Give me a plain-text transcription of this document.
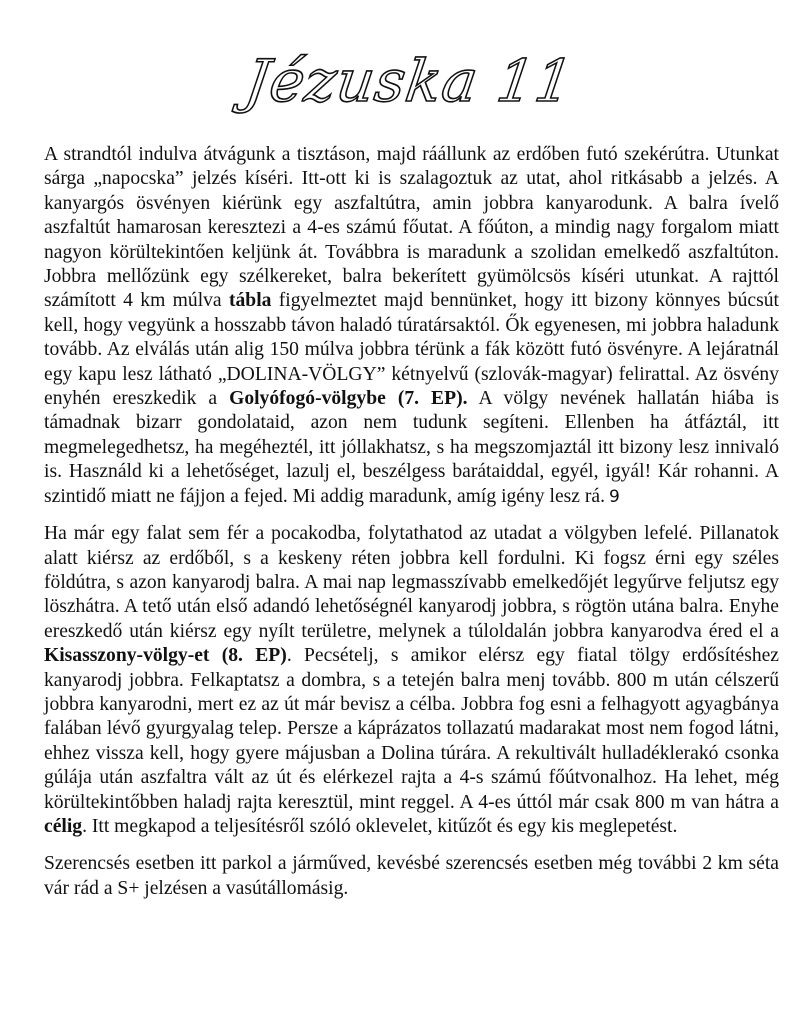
Jézuska 11

A strandtól indulva átvágunk a tisztáson, majd ráállunk az erdőben futó szekérútra. Utunkat sárga „napocska” jelzés kíséri. Itt-ott ki is szalagoztuk az utat, ahol ritkásabb a jelzés. A kanyargós ösvényen kiérünk egy aszfaltútra, amin jobbra kanyarodunk. A balra ívelő aszfaltút hamarosan keresztezi a 4-es számú főutat. A főúton, a mindig nagy forgalom miatt nagyon körültekintően keljünk át. Továbbra is maradunk a szolidan emelkedő aszfaltúton. Jobbra mellőzünk egy szélkereket, balra bekerített gyümölcsös kíséri utunkat. A rajttól számított 4 km múlva tábla figyelmeztet majd bennünket, hogy itt bizony könnyes búcsút kell, hogy vegyünk a hosszabb távon haladó túratársaktól. Ők egyenesen, mi jobbra haladunk tovább. Az elválás után alig 150 múlva jobbra térünk a fák között futó ösvényre. A lejáratnál egy kapu lesz látható „DOLINA-VÖLGY” kétnyelvű (szlovák-magyar) felirattal. Az ösvény enyhén ereszkedik a Golyófogó-völgybe (7. EP). A völgy nevének hallatán hiába is támadnak bizarr gondolataid, azon nem tudunk segíteni. Ellenben ha átfáztál, itt megmelegedhetsz, ha megéheztél, itt jóllakhatsz, s ha megszomjaztál itt bizony lesz innivaló is. Használd ki a lehetőséget, lazulj el, beszélgess barátaiddal, egyél, igyál! Kár rohanni. A szintidő miatt ne fájjon a fejed. Mi addig maradunk, amíg igény lesz rá. 9

Ha már egy falat sem fér a pocakodba, folytathatod az utadat a völgyben lefelé. Pillanatok alatt kiérsz az erdőből, s a keskeny réten jobbra kell fordulni. Ki fogsz érni egy széles földútra, s azon kanyarodj balra. A mai nap legmasszívabb emelkedőjét legyűrve feljutsz egy löszhátra. A tető után első adandó lehetőségnél kanyarodj jobbra, s rögtön utána balra. Enyhe ereszkedő után kiérsz egy nyílt területre, melynek a túloldalán jobbra kanyarodva éred el a Kisasszony-völgy-et (8. EP). Pecsételj, s amikor elérsz egy fiatal tölgy erdősítéshez kanyarodj jobbra. Felkaptatsz a dombra, s a tetején balra menj tovább. 800 m után célszerű jobbra kanyarodni, mert ez az út már bevisz a célba. Jobbra fog esni a felhagyott agyagbánya falában lévő gyurgyalag telep. Persze a káprázatos tollazatú madarakat most nem fogod látni, ehhez vissza kell, hogy gyere májusban a Dolina túrára. A rekultivált hulladéklerakó csonka gúlája után aszfaltra vált az út és elérkezel rajta a 4-s számú főútvonalhoz. Ha lehet, még körültekintőbben haladj rajta keresztül, mint reggel. A 4-es úttól már csak 800 m van hátra a célig. Itt megkapod a teljesítésről szóló oklevelet, kitűzőt és egy kis meglepetést.

Szerencsés esetben itt parkol a járműved, kevésbé szerencsés esetben még további 2 km séta vár rád a S+ jelzésen a vasútállomásig.
